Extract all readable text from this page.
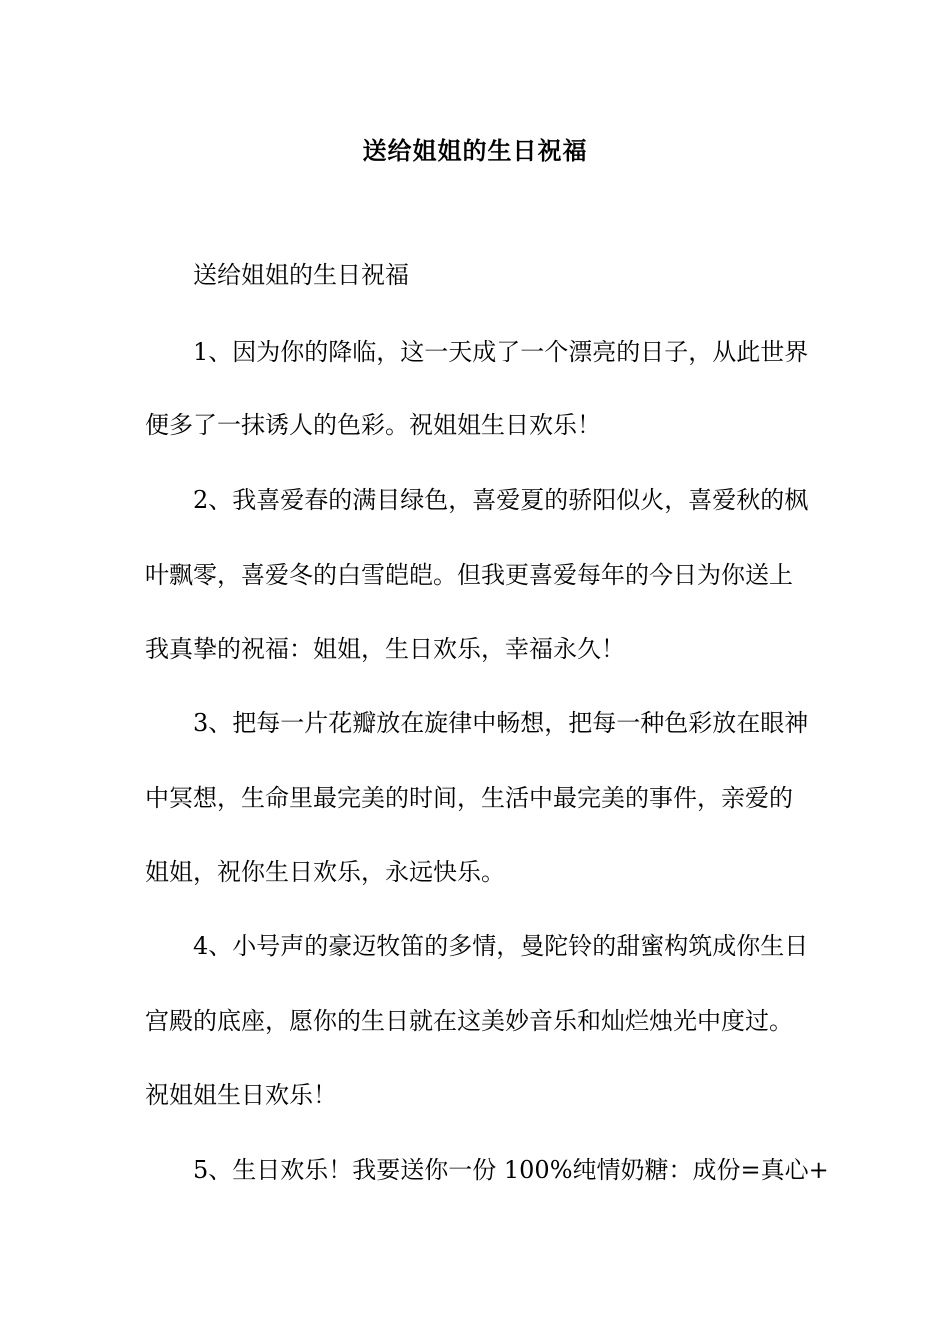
送给姐姐的生日祝福

送给姐姐的生日祝福

1、因为你的降临，这一天成了一个漂亮的日子，从此世界

便多了一抹诱人的色彩。祝姐姐生日欢乐！

2、我喜爱春的满目绿色，喜爱夏的骄阳似火，喜爱秋的枫

叶飘零，喜爱冬的白雪皑皑。但我更喜爱每年的今日为你送上

我真挚的祝福：姐姐，生日欢乐，幸福永久！

3、把每一片花瓣放在旋律中畅想，把每一种色彩放在眼神

中冥想，生命里最完美的时间，生活中最完美的事件，亲爱的

姐姐，祝你生日欢乐，永远快乐。

4、小号声的豪迈牧笛的多情，曼陀铃的甜蜜构筑成你生日

宫殿的底座，愿你的生日就在这美妙音乐和灿烂烛光中度过。

祝姐姐生日欢乐！

5、生日欢乐！我要送你一份 100%纯情奶糖：成份=真心+
